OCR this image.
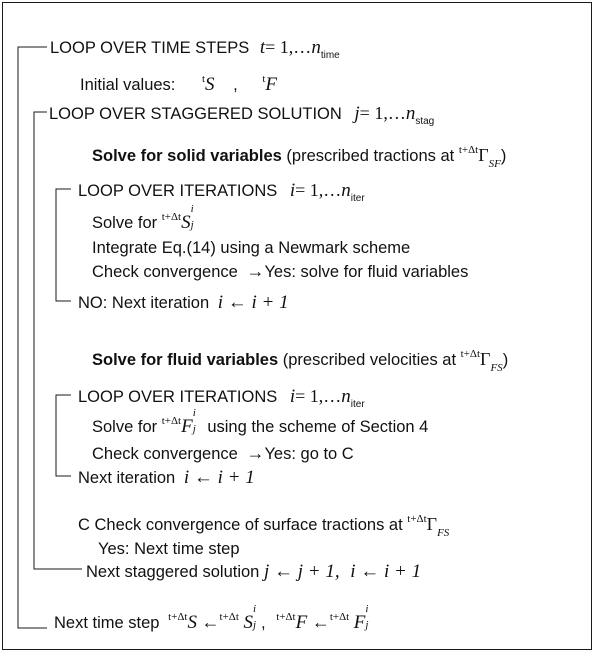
LOOP OVER TIME STEPS $t= 1,\dots n_{time}$
Initial values: $^t$S , $^t$F
LOOP OVER STAGGERED SOLUTION $j= 1,\dots n_{stag}$
Solve for solid variables (prescribed tractions at $^{t+\Delta t}\Gamma_{SF}$)
LOOP OVER ITERATIONS $i= 1,\dots n_{iter}$
Solve for $^{t+\Delta t}$S
i
j
Integrate Eq.(14) using a Newmark scheme
Check convergence →Yes: solve for fluid variables
NO: Next iteration i ← i + 1
Solve for fluid variables (prescribed velocities at $^{t+\Delta t}\Gamma_{FS}$)
LOOP OVER ITERATIONS $i= 1,\dots n_{iter}$
Solve for $^{t+\Delta t}$F
i
j using the scheme of Section 4
Check convergence →Yes: go to C
Next iteration i ← i + 1
C Check convergence of surface tractions at $^{t+\Delta t}\Gamma_{FS}$
Yes: Next time step
Next staggered solution j ← j + 1, i ← i + 1
Next time step $^{t+\Delta t}$S ←$^{t+\Delta t}$ S
i
j , $^{t+\Delta t}$F ←$^{t+\Delta t}$ F
i
j
